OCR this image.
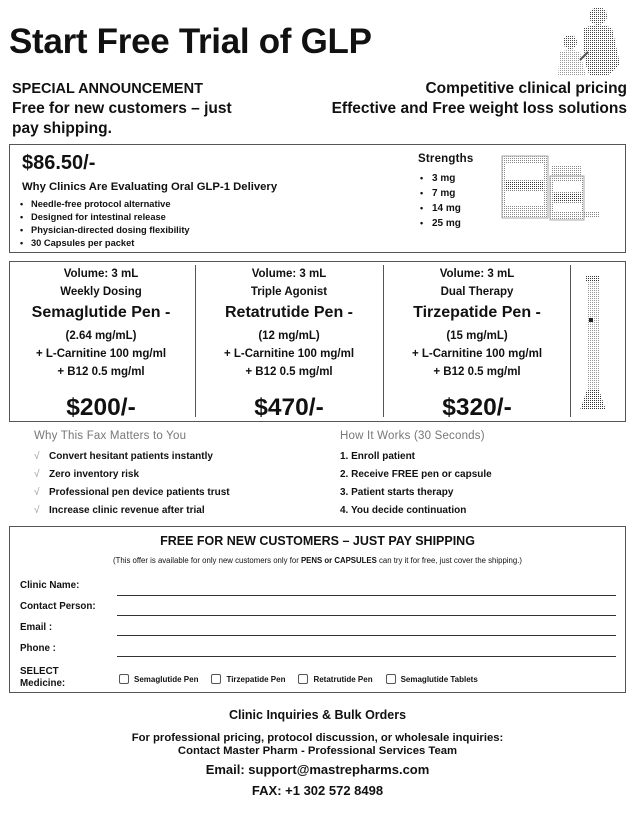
Start Free Trial of GLP
SPECIAL ANNOUNCEMENT
Free for new customers – just
pay shipping.
Competitive clinical pricing
Effective and Free weight loss solutions
$86.50/-
Why Clinics Are Evaluating Oral GLP-1 Delivery
• Needle-free protocol alternative
• Designed for intestinal release
• Physician-directed dosing flexibility
• 30 Capsules per packet
Strengths
• 3 mg
• 7 mg
• 14 mg
• 25 mg
Volume: 3 mL
Weekly Dosing
Semaglutide Pen -
(2.64 mg/mL)
+ L-Carnitine 100 mg/ml
+ B12 0.5 mg/ml
$200/-
Volume: 3 mL
Triple Agonist
Retatrutide Pen -
(12 mg/mL)
+ L-Carnitine 100 mg/ml
+ B12 0.5 mg/ml
$470/-
Volume: 3 mL
Dual Therapy
Tirzepatide Pen -
(15 mg/mL)
+ L-Carnitine 100 mg/ml
+ B12 0.5 mg/ml
$320/-
Why This Fax Matters to You
√ Convert hesitant patients instantly
√ Zero inventory risk
√ Professional pen device patients trust
√ Increase clinic revenue after trial
How It Works (30 Seconds)
1. Enroll patient
2. Receive FREE pen or capsule
3. Patient starts therapy
4. You decide continuation
FREE FOR NEW CUSTOMERS – JUST PAY SHIPPING
(This offer is available for only new customers only for PENS or CAPSULES can try it for free, just cover the shipping.)
Clinic Name:
Contact Person:
Email :
Phone :
SELECT
Medicine:	Semaglutide Pen	Tirzepatide Pen	Retatrutide Pen	Semaglutide Tablets
Clinic Inquiries & Bulk Orders
For professional pricing, protocol discussion, or wholesale inquiries:
Contact Master Pharm - Professional Services Team
Email: support@mastrepharms.com
FAX: +1 302 572 8498
